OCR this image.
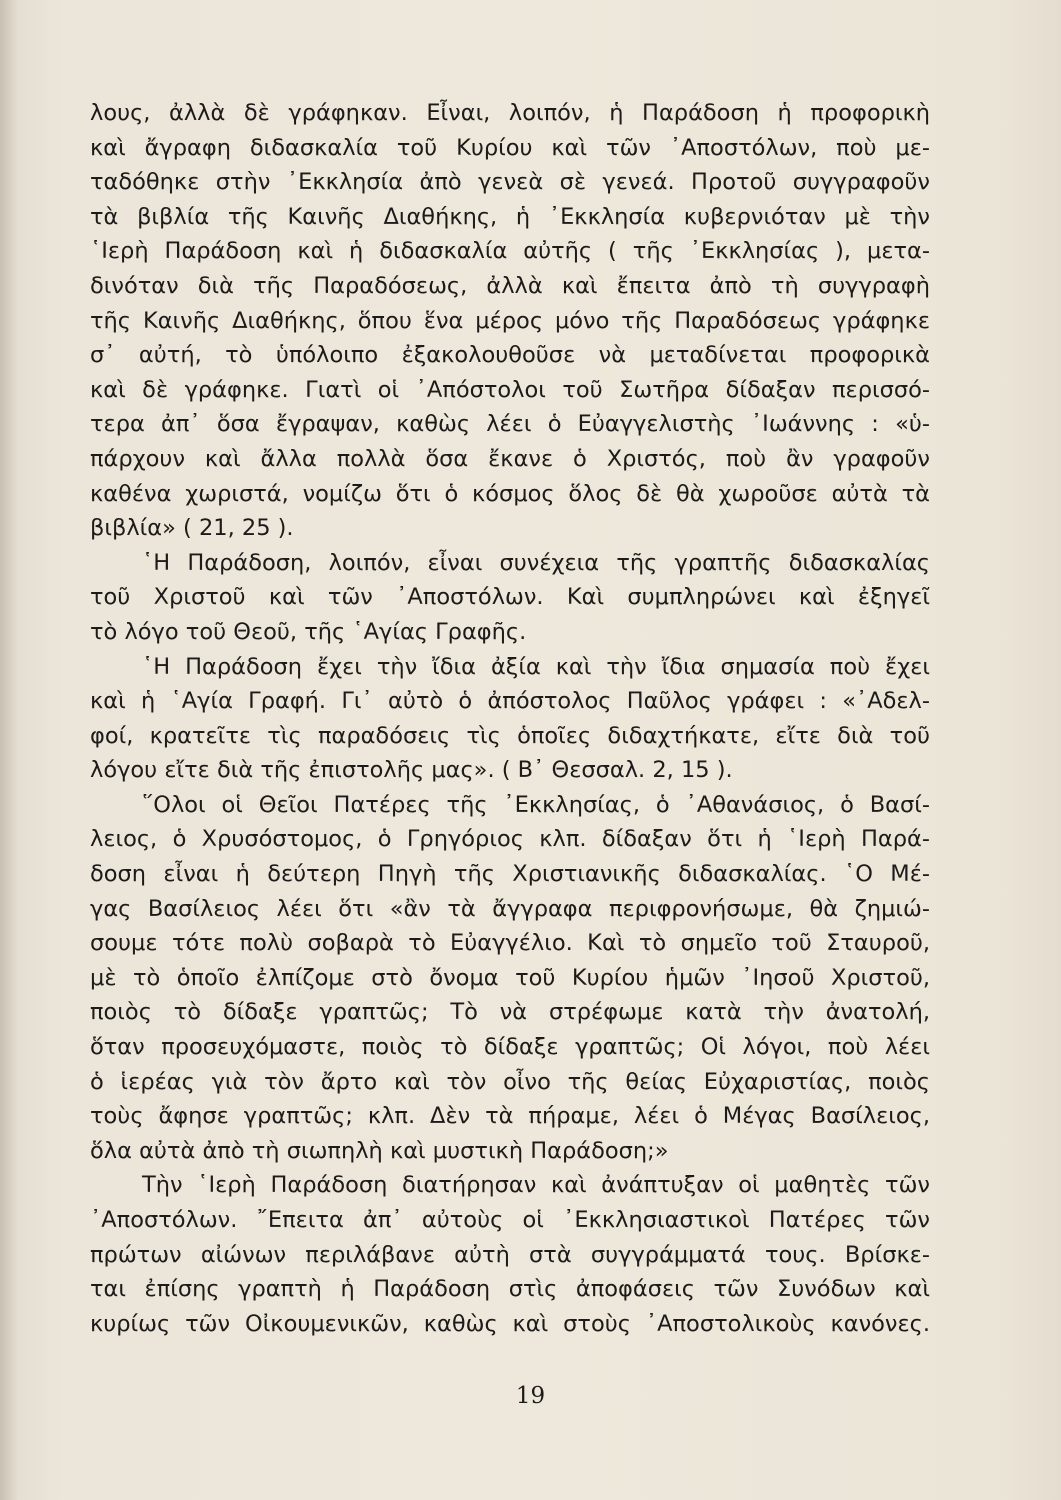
λους, ἀλλὰ δὲ γράφηκαν. Εἶναι, λοιπόν, ἡ Παράδοση ἡ προφορικὴ
καὶ ἄγραφη διδασκαλία τοῦ Κυρίου καὶ τῶν ᾿Αποστόλων, ποὺ με-
ταδόθηκε στὴν ᾿Εκκλησία ἀπὸ γενεὰ σὲ γενεά. Προτοῦ συγγραφοῦν
τὰ βιβλία τῆς Καινῆς Διαθήκης, ἡ ᾿Εκκλησία κυβερνιόταν μὲ τὴν
῾Ιερὴ Παράδοση καὶ ἡ διδασκαλία αὐτῆς ( τῆς ᾿Εκκλησίας ), μετα-
δινόταν διὰ τῆς Παραδόσεως, ἀλλὰ καὶ ἔπειτα ἀπὸ τὴ συγγραφὴ
τῆς Καινῆς Διαθήκης, ὅπου ἕνα μέρος μόνο τῆς Παραδόσεως γράφηκε
σ᾿ αὐτή, τὸ ὑπόλοιπο ἐξακολουθοῦσε νὰ μεταδίνεται προφορικὰ
καὶ δὲ γράφηκε. Γιατὶ οἱ ᾿Απόστολοι τοῦ Σωτῆρα δίδαξαν περισσό-
τερα ἀπ᾿ ὅσα ἔγραψαν, καθὼς λέει ὁ Εὐαγγελιστὴς ᾿Ιωάννης : «ὑ-
πάρχουν καὶ ἄλλα πολλὰ ὅσα ἔκανε ὁ Χριστός, ποὺ ἂν γραφοῦν
καθένα χωριστά, νομίζω ὅτι ὁ κόσμος ὅλος δὲ θὰ χωροῦσε αὐτὰ τὰ
βιβλία» ( 21, 25 ).
῾Η Παράδοση, λοιπόν, εἶναι συνέχεια τῆς γραπτῆς διδασκαλίας
τοῦ Χριστοῦ καὶ τῶν ᾿Αποστόλων. Καὶ συμπληρώνει καὶ ἐξηγεῖ
τὸ λόγο τοῦ Θεοῦ, τῆς ῾Αγίας Γραφῆς.
῾Η Παράδοση ἔχει τὴν ἴδια ἀξία καὶ τὴν ἴδια σημασία ποὺ ἔχει
καὶ ἡ ῾Αγία Γραφή. Γι᾿ αὐτὸ ὁ ἀπόστολος Παῦλος γράφει : «᾿Αδελ-
φοί, κρατεῖτε τὶς παραδόσεις τὶς ὁποῖες διδαχτήκατε, εἴτε διὰ τοῦ
λόγου εἴτε διὰ τῆς ἐπιστολῆς μας». ( Β᾿ Θεσσαλ. 2, 15 ).
῞Ολοι οἱ Θεῖοι Πατέρες τῆς ᾿Εκκλησίας, ὁ ᾿Αθανάσιος, ὁ Βασί-
λειος, ὁ Χρυσόστομος, ὁ Γρηγόριος κλπ. δίδαξαν ὅτι ἡ ῾Ιερὴ Παρά-
δοση εἶναι ἡ δεύτερη Πηγὴ τῆς Χριστιανικῆς διδασκαλίας. ῾Ο Μέ-
γας Βασίλειος λέει ὅτι «ἂν τὰ ἄγγραφα περιφρονήσωμε, θὰ ζημιώ-
σουμε τότε πολὺ σοβαρὰ τὸ Εὐαγγέλιο. Καὶ τὸ σημεῖο τοῦ Σταυροῦ,
μὲ τὸ ὁποῖο ἐλπίζομε στὸ ὄνομα τοῦ Κυρίου ἡμῶν ᾿Ιησοῦ Χριστοῦ,
ποιὸς τὸ δίδαξε γραπτῶς; Τὸ νὰ στρέφωμε κατὰ τὴν ἀνατολή,
ὅταν προσευχόμαστε, ποιὸς τὸ δίδαξε γραπτῶς; Οἱ λόγοι, ποὺ λέει
ὁ ἱερέας γιὰ τὸν ἄρτο καὶ τὸν οἶνο τῆς θείας Εὐχαριστίας, ποιὸς
τοὺς ἄφησε γραπτῶς; κλπ. Δὲν τὰ πήραμε, λέει ὁ Μέγας Βασίλειος,
ὅλα αὐτὰ ἀπὸ τὴ σιωπηλὴ καὶ μυστικὴ Παράδοση;»
Τὴν ῾Ιερὴ Παράδοση διατήρησαν καὶ ἀνάπτυξαν οἱ μαθητὲς τῶν
᾿Αποστόλων. ῎Επειτα ἀπ᾿ αὐτοὺς οἱ ᾿Εκκλησιαστικοὶ Πατέρες τῶν
πρώτων αἰώνων περιλάβανε αὐτὴ στὰ συγγράμματά τους. Βρίσκε-
ται ἐπίσης γραπτὴ ἡ Παράδοση στὶς ἀποφάσεις τῶν Συνόδων καὶ
κυρίως τῶν Οἰκουμενικῶν, καθὼς καὶ στοὺς ᾿Αποστολικοὺς κανόνες.
19
